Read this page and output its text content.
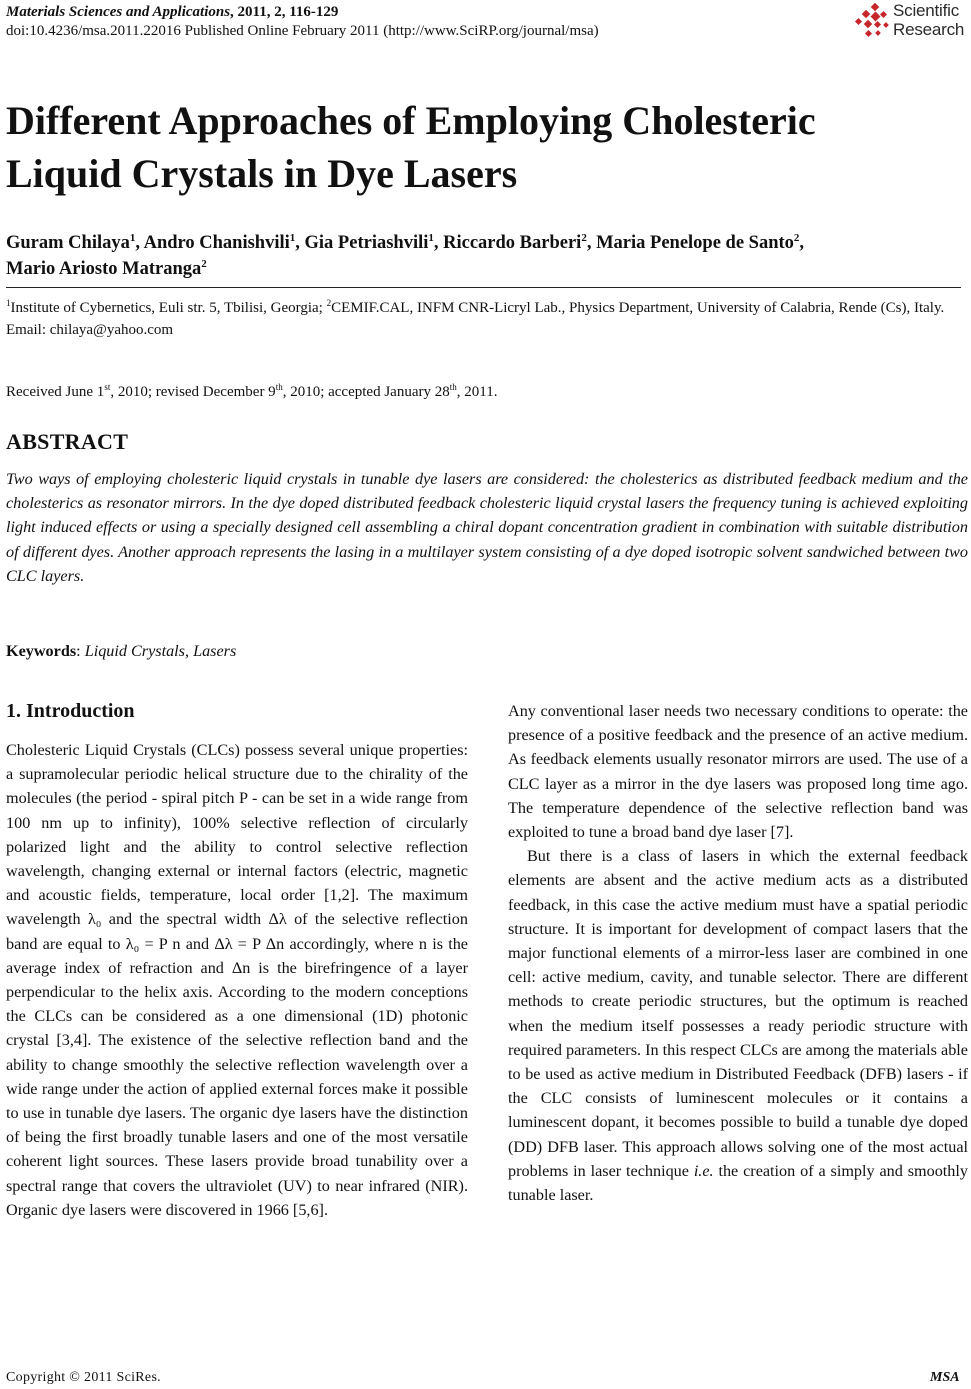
Materials Sciences and Applications, 2011, 2, 116-129
doi:10.4236/msa.2011.22016 Published Online February 2011 (http://www.SciRP.org/journal/msa)
Scientific
Research
Different Approaches of Employing Cholesteric
Liquid Crystals in Dye Lasers
Guram Chilaya$^1$, Andro Chanishvili$^1$, Gia Petriashvili$^1$, Riccardo Barberi$^2$, Maria Penelope de Santo$^2$,
Mario Ariosto Matranga$^2$
$^1$Institute of Cybernetics, Euli str. 5, Tbilisi, Georgia; $^2$CEMIF.CAL, INFM CNR-Licryl Lab., Physics Department, University of Calabria, Rende (Cs), Italy.
Email: chilaya@yahoo.com
Received June 1st, 2010; revised December 9th, 2010; accepted January 28th, 2011.
ABSTRACT
Two ways of employing cholesteric liquid crystals in tunable dye lasers are considered: the cholesterics as distributed feedback medium and the cholesterics as resonator mirrors. In the dye doped distributed feedback cholesteric liquid crystal lasers the frequency tuning is achieved exploiting light induced effects or using a specially designed cell assembling a chiral dopant concentration gradient in combination with suitable distribution of different dyes. Another approach represents the lasing in a multilayer system consisting of a dye doped isotropic solvent sandwiched between two CLC layers.
Keywords: Liquid Crystals, Lasers
1. Introduction

Cholesteric Liquid Crystals (CLCs) possess several unique properties: a supramolecular periodic helical structure due to the chirality of the molecules (the period - spiral pitch P - can be set in a wide range from 100 nm up to infinity), 100% selective reflection of circularly polarized light and the ability to control selective reflection wavelength, changing external or internal factors (electric, magnetic and acoustic fields, temperature, local order [1,2]. The maximum wavelength λ₀ and the spectral width Δλ of the selective reflection band are equal to λ₀ = P n and Δλ = P Δn accordingly, where n is the average index of refraction and Δn is the birefringence of a layer perpendicular to the helix axis. According to the modern conceptions the CLCs can be considered as a one dimensional (1D) photonic crystal [3,4]. The existence of the selective reflection band and the ability to change smoothly the selective reflection wavelength over a wide range under the action of applied external forces make it possible to use in tunable dye lasers. The organic dye lasers have the distinction of being the first broadly tunable lasers and one of the most versatile coherent light sources. These lasers provide broad tunability over a spectral range that covers the ultraviolet (UV) to near infrared (NIR). Organic dye lasers were discovered in 1966 [5,6].

Any conventional laser needs two necessary conditions to operate: the presence of a positive feedback and the presence of an active medium. As feedback elements usually resonator mirrors are used. The use of a CLC layer as a mirror in the dye lasers was proposed long time ago. The temperature dependence of the selective reflection band was exploited to tune a broad band dye laser [7].

But there is a class of lasers in which the external feedback elements are absent and the active medium acts as a distributed feedback, in this case the active medium must have a spatial periodic structure. It is important for development of compact lasers that the major functional elements of a mirror-less laser are combined in one cell: active medium, cavity, and tunable selector. There are different methods to create periodic structures, but the optimum is reached when the medium itself possesses a ready periodic structure with required parameters. In this respect CLCs are among the materials able to be used as active medium in Distributed Feedback (DFB) lasers - if the CLC consists of luminescent molecules or it contains a luminescent dopant, it becomes possible to build a tunable dye doped (DD) DFB laser. This approach allows solving one of the most actual problems in laser technique i.e. the creation of a simply and smoothly tunable laser.

Copyright © 2011 SciRes.	MSA
